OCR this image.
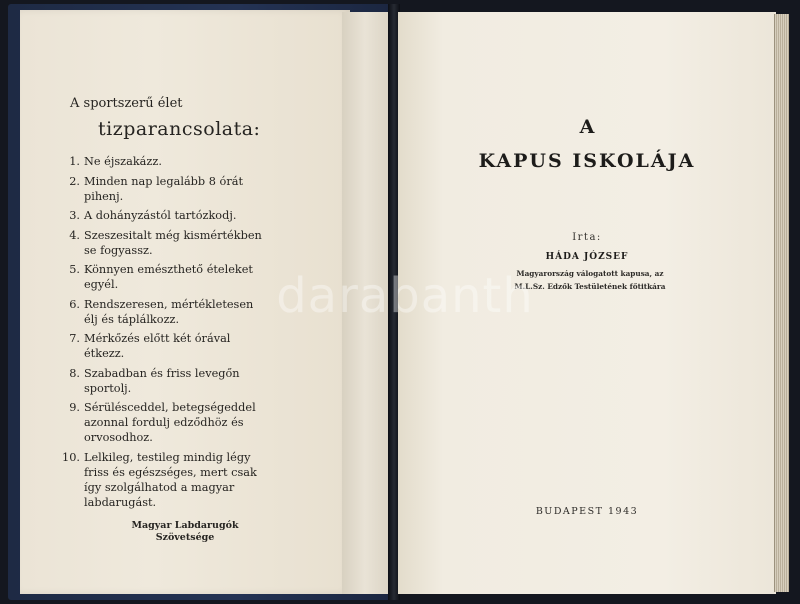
A sportszerű élet
tizparancsolata:
1. Ne éjszakázz.
2. Minden nap legalább 8 órát pihenj.
3. A dohányzástól tartózkodj.
4. Szeszesitalt még kismértékben se fogyassz.
5. Könnyen emészthető ételeket egyél.
6. Rendszeresen, mértékletesen élj és táplálkozz.
7. Mérkőzés előtt két órával étkezz.
8. Szabadban és friss levegőn sportolj.
9. Sérülésceddel, betegségeddel azonnal fordulj edződhöz és orvosodhoz.
10. Lelkileg, testileg mindig légy friss és egészséges, mert csak így szolgálhatod a magyar labdarugást.
Magyar Labdarugók
Szövetsége
A
KAPUS ISKOLÁJA
Irta:
HÁDA JÓZSEF
Magyarország válogatott kapusa, az
M.L.Sz. Edzők Testületének főtitkára
BUDAPEST 1943
darabanth
